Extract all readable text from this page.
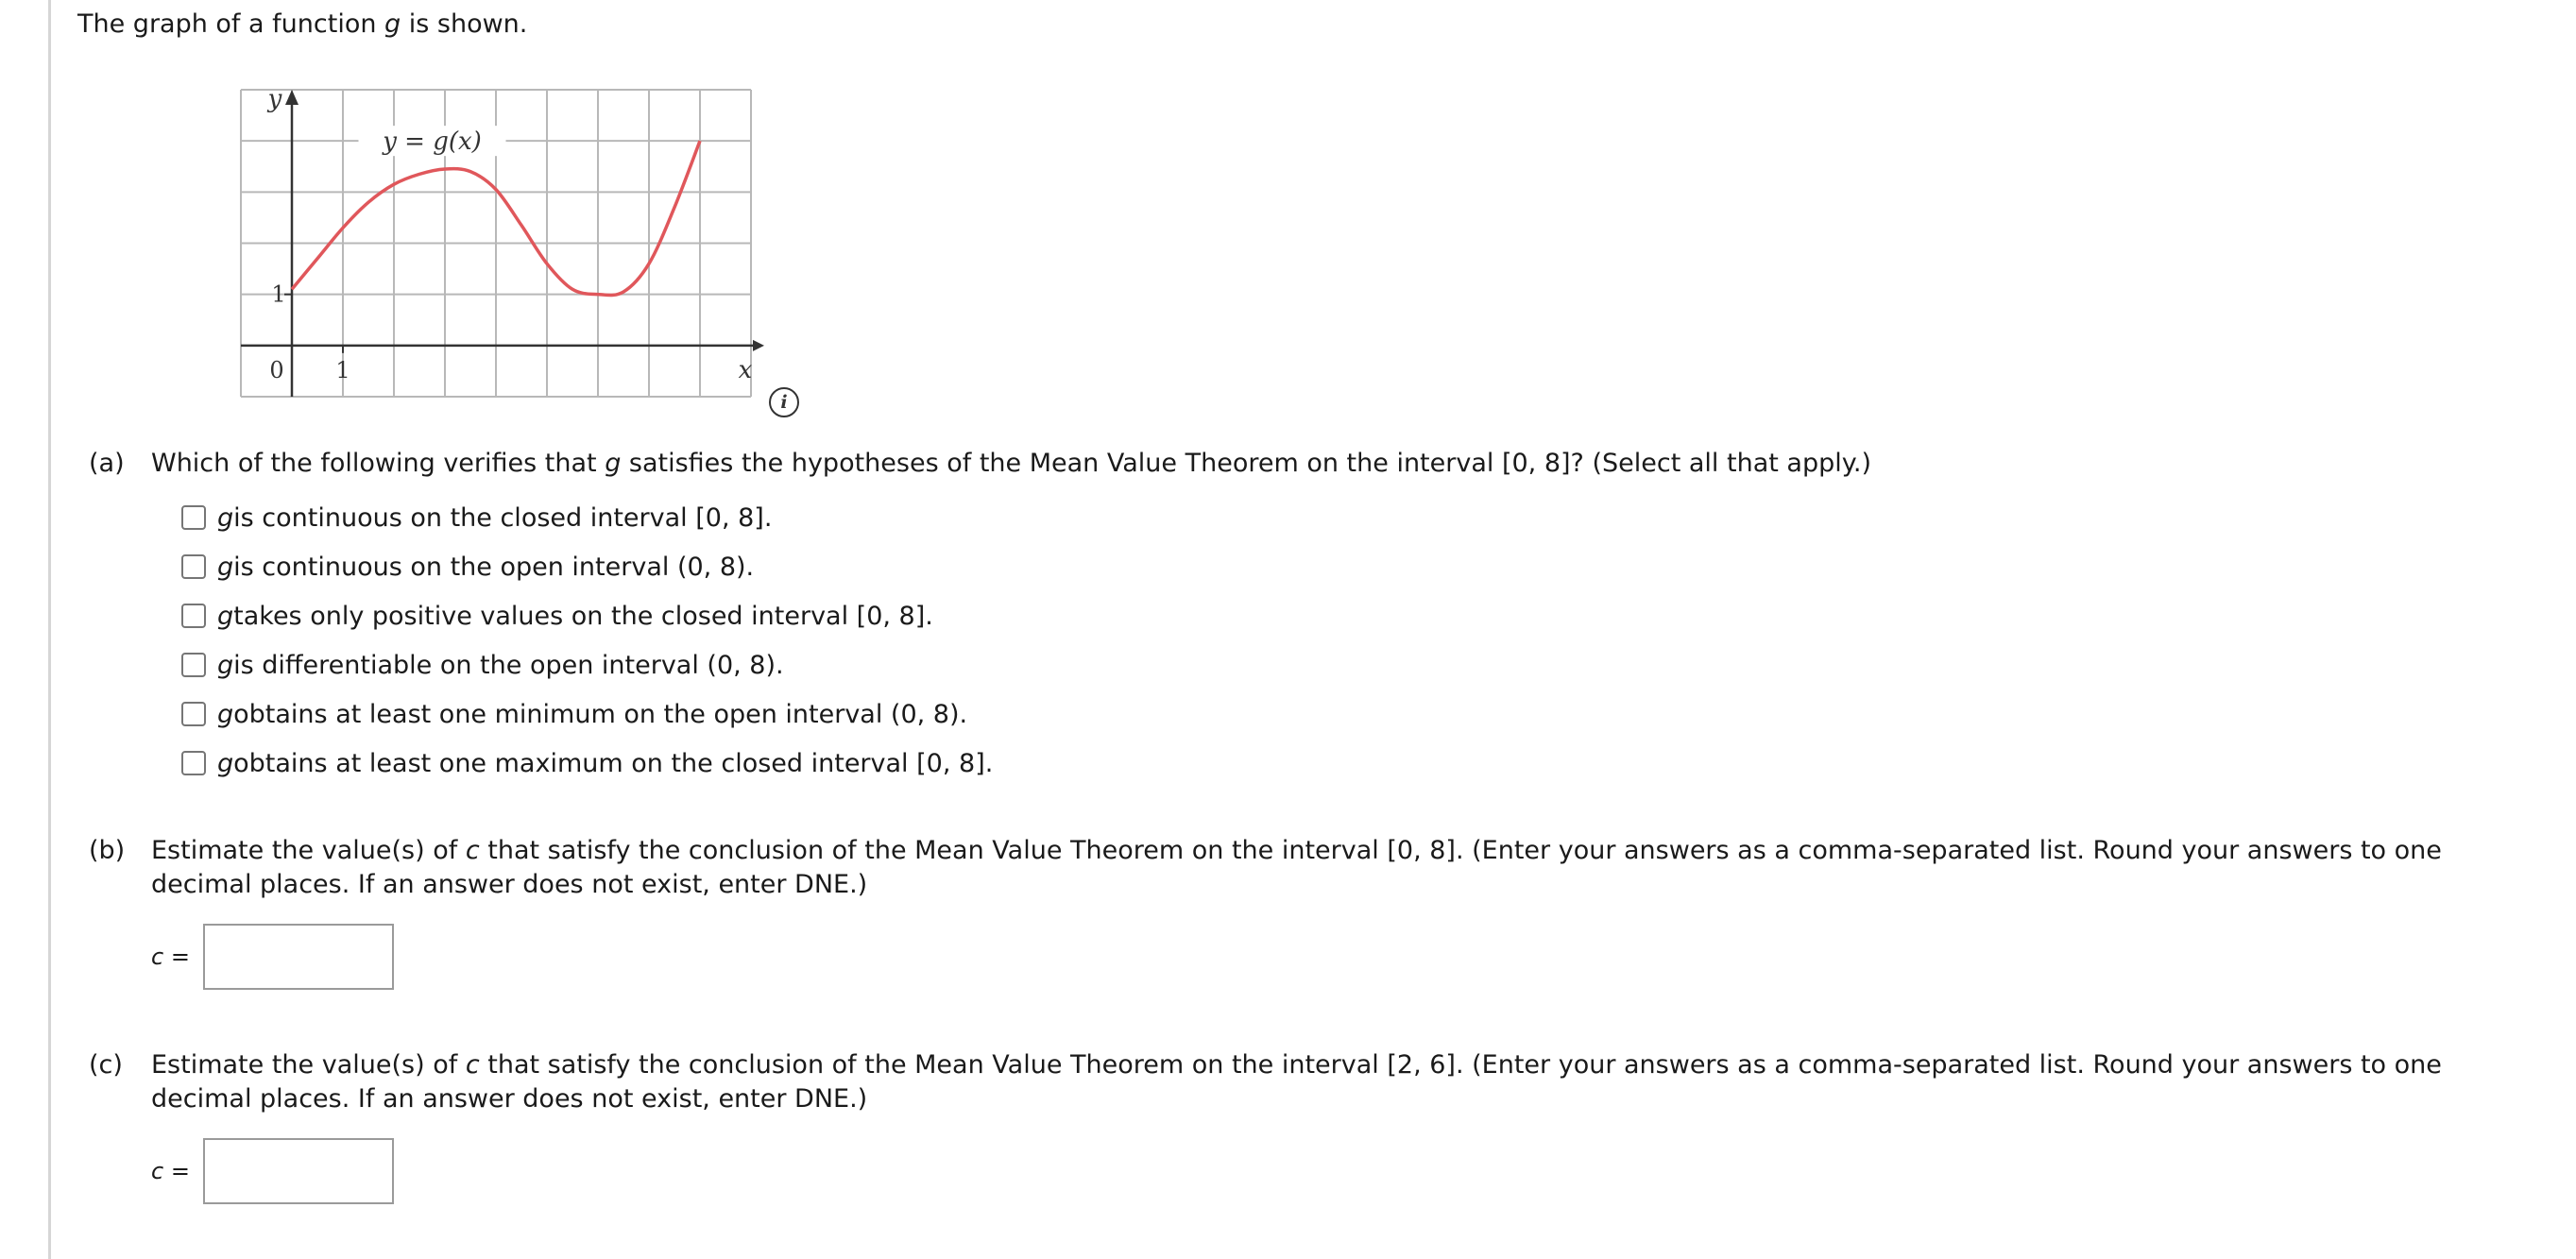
The graph of a function g is shown.
y
x
y = g(x)
1
0 1
i
(a) Which of the following verifies that g satisfies the hypotheses of the Mean Value Theorem on the interval [0, 8]? (Select all that apply.)
g is continuous on the closed interval [0, 8].
g is continuous on the open interval (0, 8).
g takes only positive values on the closed interval [0, 8].
g is differentiable on the open interval (0, 8).
g obtains at least one minimum on the open interval (0, 8).
g obtains at least one maximum on the closed interval [0, 8].
(b) Estimate the value(s) of c that satisfy the conclusion of the Mean Value Theorem on the interval [0, 8]. (Enter your answers as a comma-separated list. Round your answers to one decimal places. If an answer does not exist, enter DNE.)
c =
(c) Estimate the value(s) of c that satisfy the conclusion of the Mean Value Theorem on the interval [2, 6]. (Enter your answers as a comma-separated list. Round your answers to one decimal places. If an answer does not exist, enter DNE.)
c =
